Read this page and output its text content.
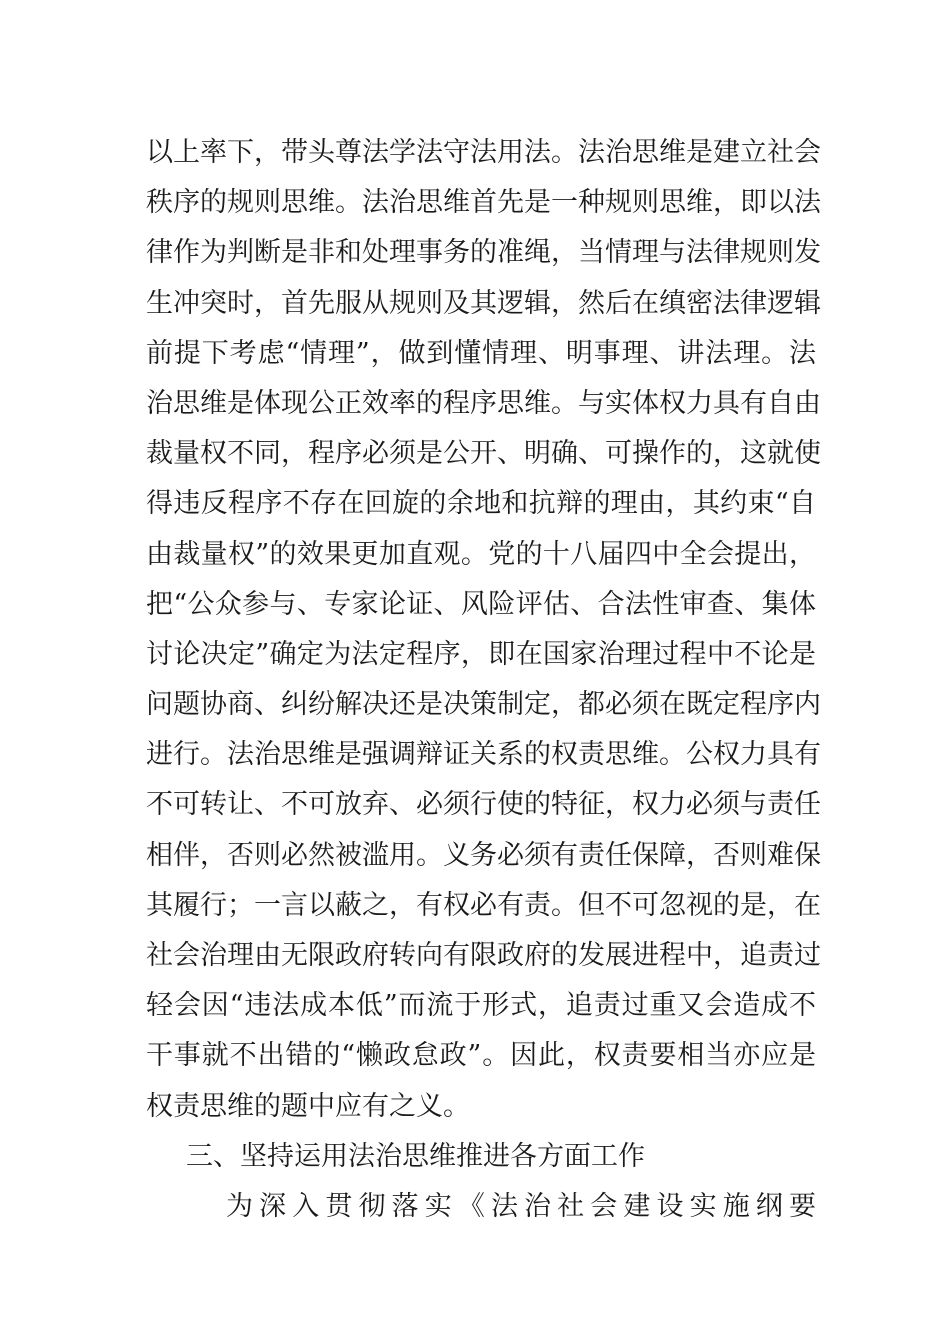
以上率下，带头尊法学法守法用法。法治思维是建立社会
秩序的规则思维。法治思维首先是一种规则思维，即以法
律作为判断是非和处理事务的准绳，当情理与法律规则发
生冲突时，首先服从规则及其逻辑，然后在缜密法律逻辑
前提下考虑“情理”，做到懂情理、明事理、讲法理。法
治思维是体现公正效率的程序思维。与实体权力具有自由
裁量权不同，程序必须是公开、明确、可操作的，这就使
得违反程序不存在回旋的余地和抗辩的理由，其约束“自
由裁量权”的效果更加直观。党的十八届四中全会提出，
把“公众参与、专家论证、风险评估、合法性审查、集体
讨论决定”确定为法定程序，即在国家治理过程中不论是
问题协商、纠纷解决还是决策制定，都必须在既定程序内
进行。法治思维是强调辩证关系的权责思维。公权力具有
不可转让、不可放弃、必须行使的特征，权力必须与责任
相伴，否则必然被滥用。义务必须有责任保障，否则难保
其履行；一言以蔽之，有权必有责。但不可忽视的是，在
社会治理由无限政府转向有限政府的发展进程中，追责过
轻会因“违法成本低”而流于形式，追责过重又会造成不
干事就不出错的“懒政怠政”。因此，权责要相当亦应是
权责思维的题中应有之义。
三、坚持运用法治思维推进各方面工作
为深入贯彻落实《法治社会建设实施纲要
